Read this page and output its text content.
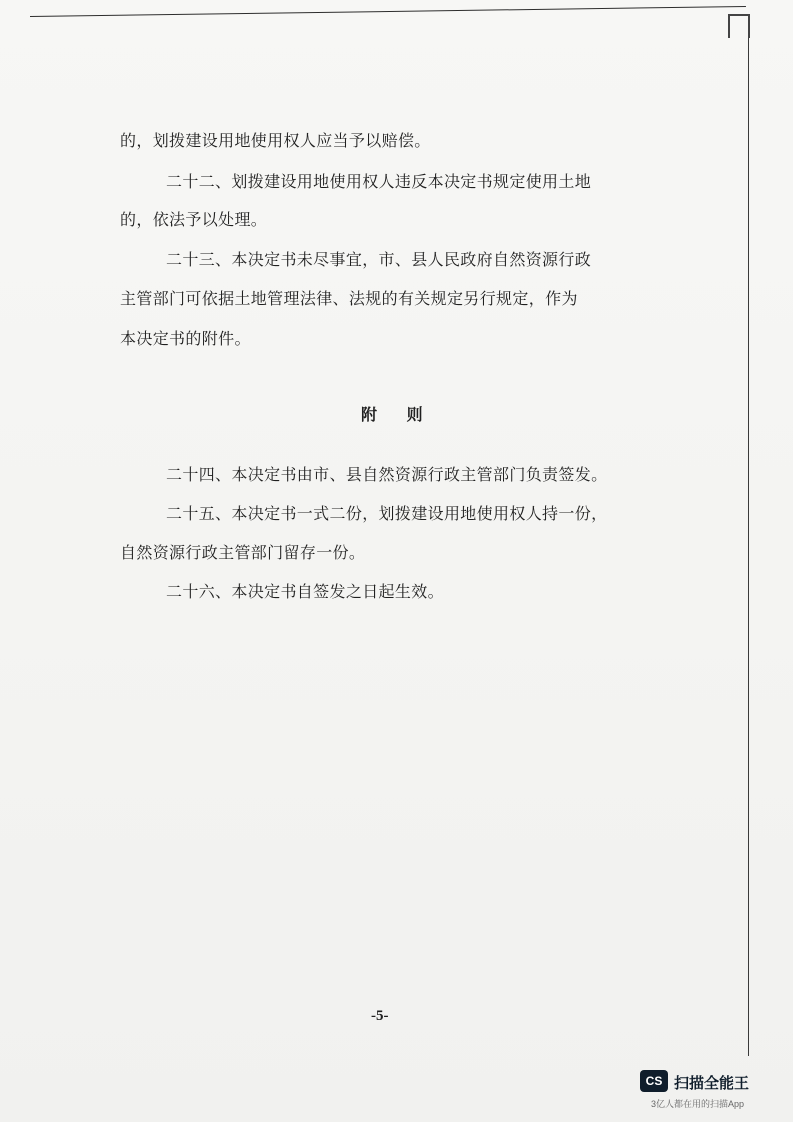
的，划拨建设用地使用权人应当予以赔偿。

二十二、划拨建设用地使用权人违反本决定书规定使用土地

的，依法予以处理。

二十三、本决定书未尽事宜，市、县人民政府自然资源行政

主管部门可依据土地管理法律、法规的有关规定另行规定，作为

本决定书的附件。

附 则

二十四、本决定书由市、县自然资源行政主管部门负责签发。

二十五、本决定书一式二份，划拨建设用地使用权人持一份，

自然资源行政主管部门留存一份。

二十六、本决定书自签发之日起生效。

-5-
CS 扫描全能王
3亿人都在用的扫描App
